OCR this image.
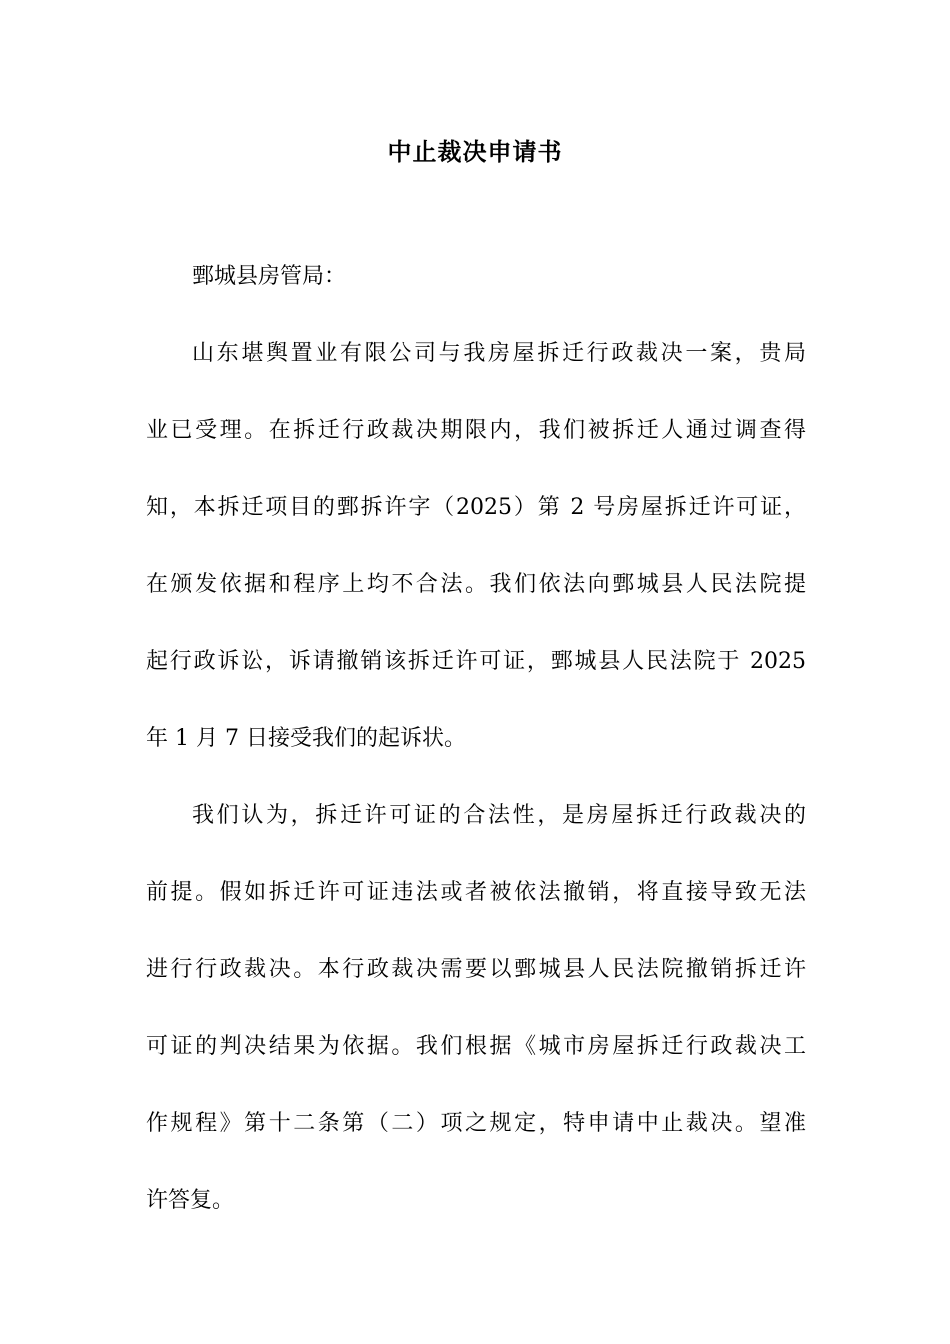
中止裁决申请书
鄄城县房管局：
山东堪舆置业有限公司与我房屋拆迁行政裁决一案，贵局
业已受理。在拆迁行政裁决期限内，我们被拆迁人通过调查得
知，本拆迁项目的鄄拆许字（2025）第 2 号房屋拆迁许可证，
在颁发依据和程序上均不合法。我们依法向鄄城县人民法院提
起行政诉讼，诉请撤销该拆迁许可证，鄄城县人民法院于 2025
年 1 月 7 日接受我们的起诉状。
我们认为，拆迁许可证的合法性，是房屋拆迁行政裁决的
前提。假如拆迁许可证违法或者被依法撤销，将直接导致无法
进行行政裁决。本行政裁决需要以鄄城县人民法院撤销拆迁许
可证的判决结果为依据。我们根据《城市房屋拆迁行政裁决工
作规程》第十二条第（二）项之规定，特申请中止裁决。望准
许答复。
